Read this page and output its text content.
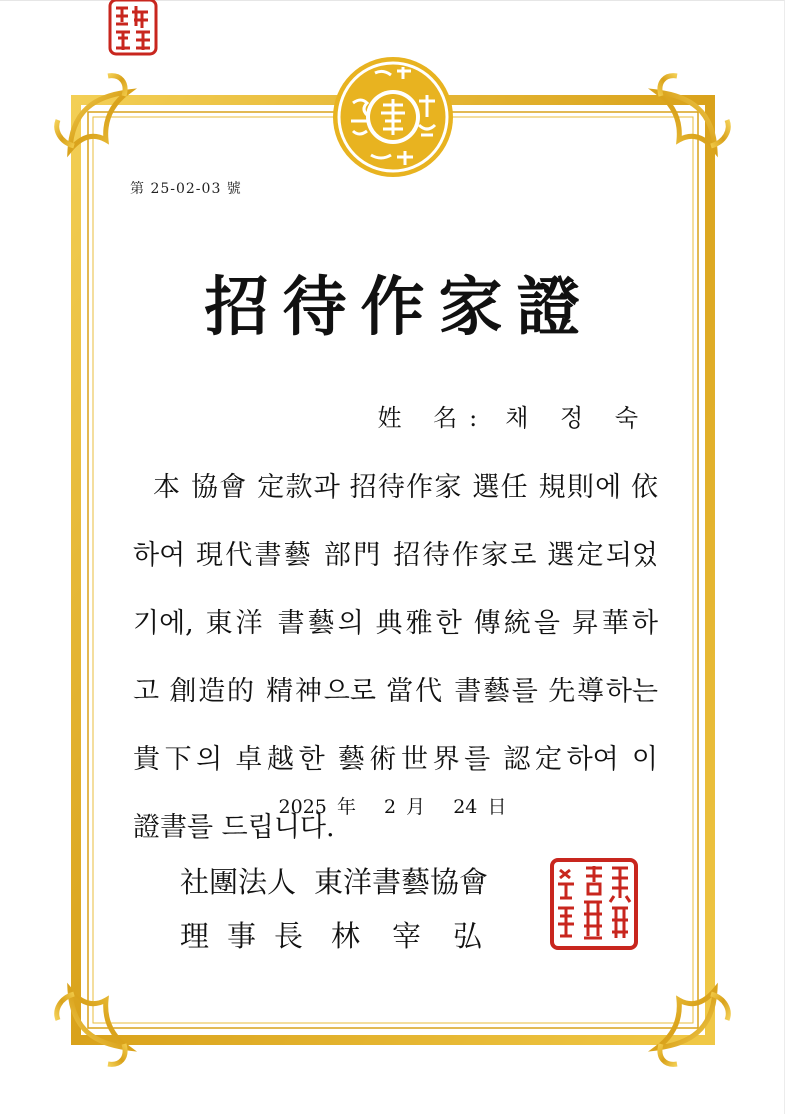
第 25-02-03 號
招待作家證
姓 名: 채 정 숙
本 協會 定款과 招待作家 選任 規則에 依
하여 現代書藝 部門 招待作家로 選定되었
기에, 東洋 書藝의 典雅한 傳統을 昇華하
고 創造的 精神으로 當代 書藝를 先導하는
貴下의 卓越한 藝術世界를 認定하여 이
證書를 드립니다.
2025 年 2 月 24 日
社團法人 東洋書藝協會
理事長 林宰弘
